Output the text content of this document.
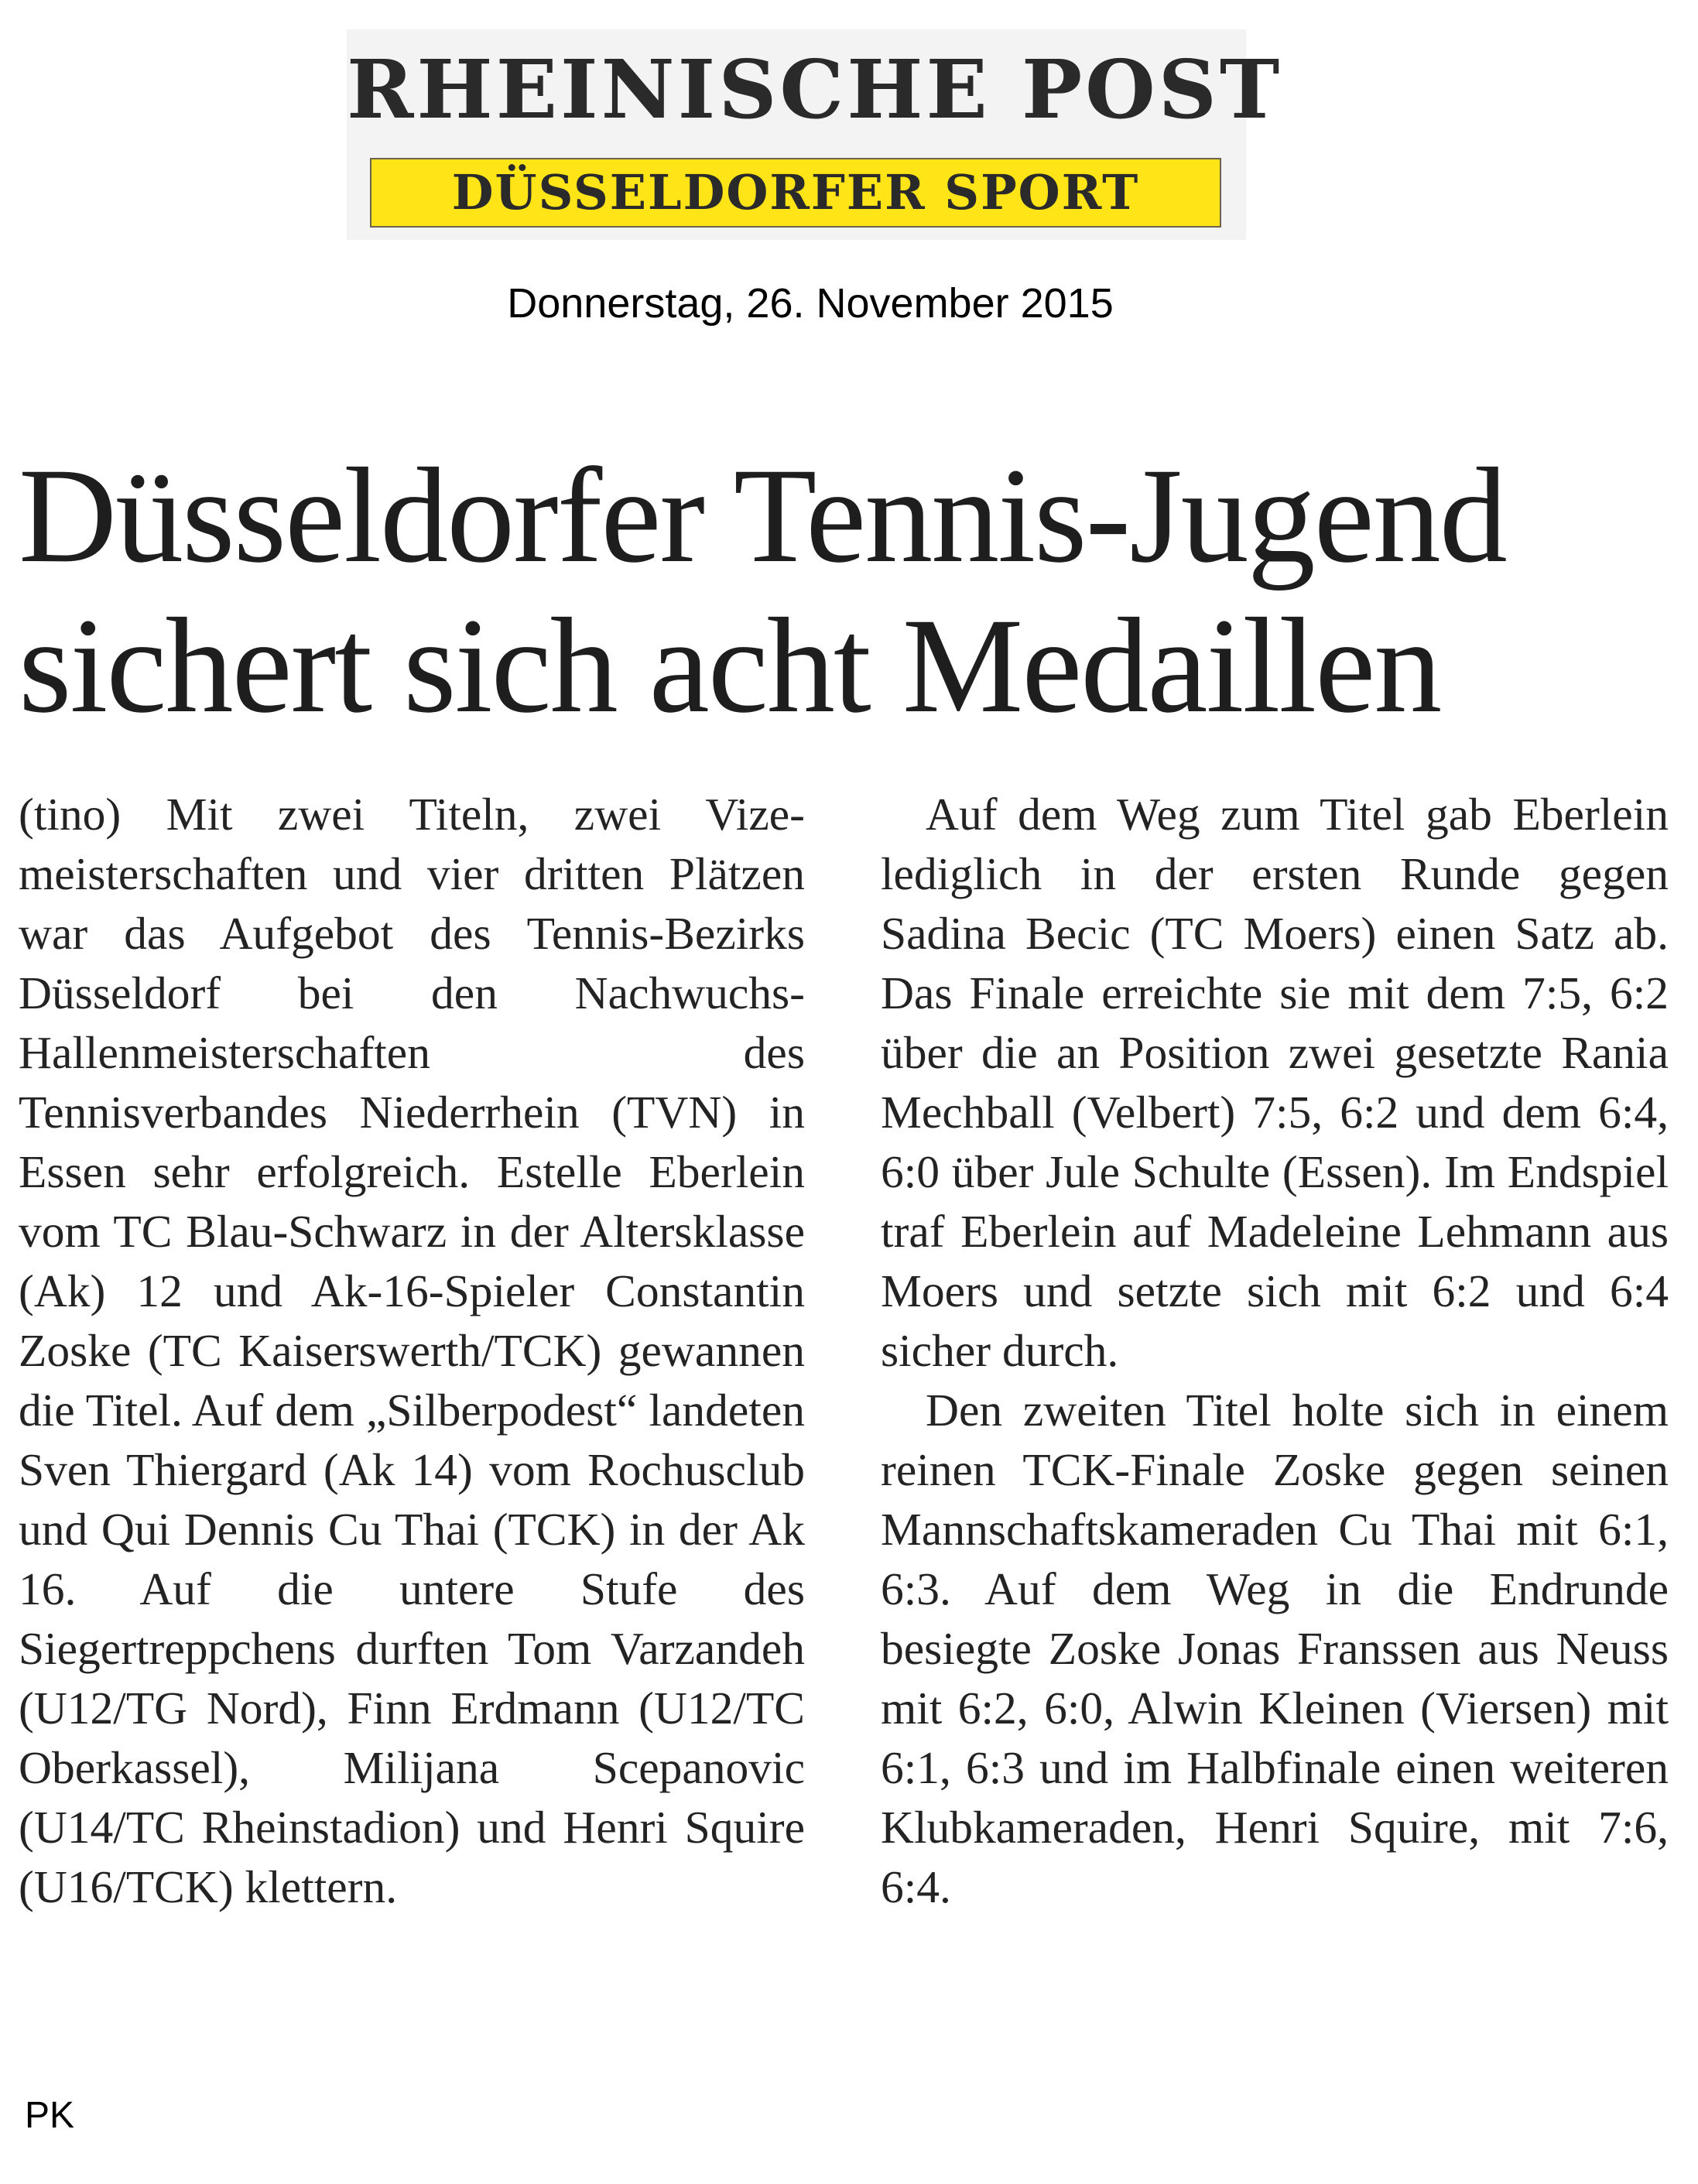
RHEINISCHE POST
DÜSSELDORFER SPORT
Donnerstag, 26. November 2015
Düsseldorfer Tennis-Jugend
sichert sich acht Medaillen

(tino) Mit zwei Titeln, zwei Vizemeisterschaften und vier dritten Plätzen war das Aufgebot des Tennis-Bezirks Düsseldorf bei den Nachwuchs-Hallenmeisterschaften des Tennisverbandes Niederrhein (TVN) in Essen sehr erfolgreich. Estelle Eberlein vom TC Blau-Schwarz in der Altersklasse (Ak) 12 und Ak-16-Spieler Constantin Zoske (TC Kaiserswerth/TCK) gewannen die Titel. Auf dem „Silberpodest“ landeten Sven Thiergard (Ak 14) vom Rochusclub und Qui Dennis Cu Thai (TCK) in der Ak 16. Auf die untere Stufe des Siegertreppchens durften Tom Varzandeh (U12/TG Nord), Finn Erdmann (U12/TC Oberkassel), Milijana Scepanovic (U14/TC Rheinstadion) und Henri Squire (U16/TCK) klettern.

Auf dem Weg zum Titel gab Eberlein lediglich in der ersten Runde gegen Sadina Becic (TC Moers) einen Satz ab. Das Finale erreichte sie mit dem 7:5, 6:2 über die an Position zwei gesetzte Rania Mechball (Velbert) 7:5, 6:2 und dem 6:4, 6:0 über Jule Schulte (Essen). Im Endspiel traf Eberlein auf Madeleine Lehmann aus Moers und setzte sich mit 6:2 und 6:4 sicher durch.

Den zweiten Titel holte sich in einem reinen TCK-Finale Zoske gegen seinen Mannschaftskameraden Cu Thai mit 6:1, 6:3. Auf dem Weg in die Endrunde besiegte Zoske Jonas Franssen aus Neuss mit 6:2, 6:0, Alwin Kleinen (Viersen) mit 6:1, 6:3 und im Halbfinale einen weiteren Klubkameraden, Henri Squire, mit 7:6, 6:4.

PK
